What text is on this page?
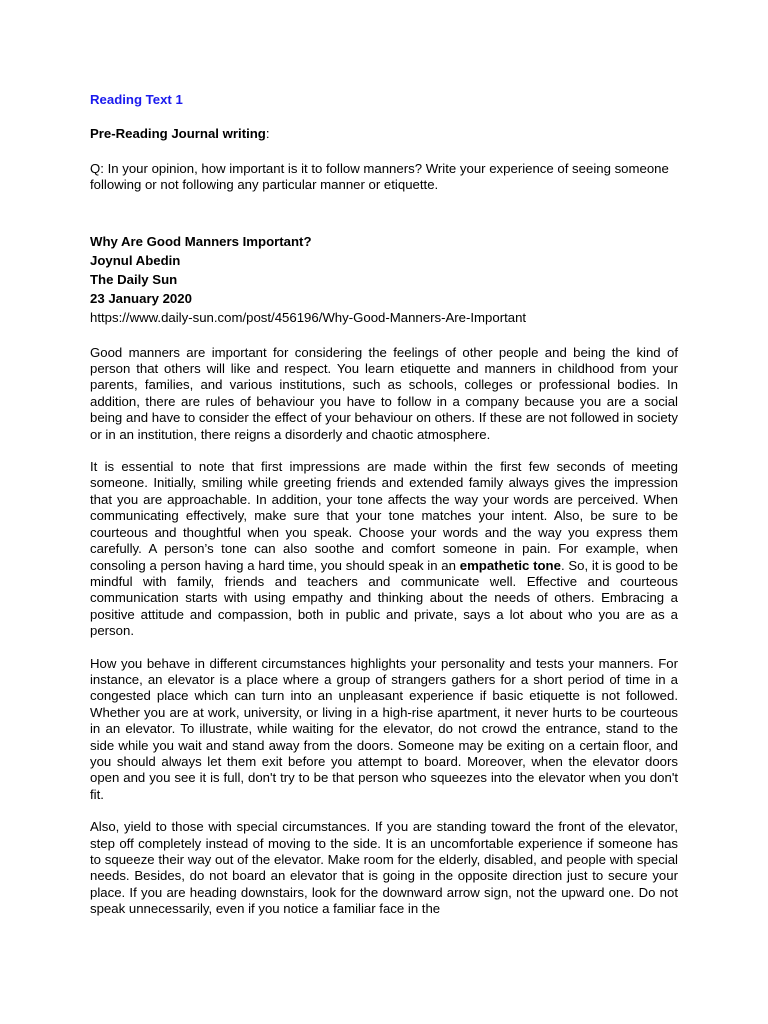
Reading Text 1

Pre-Reading Journal writing:

Q: In your opinion, how important is it to follow manners? Write your experience of seeing someone following or not following any particular manner or etiquette.

Why Are Good Manners Important?
Joynul Abedin
The Daily Sun
23 January 2020
https://www.daily-sun.com/post/456196/Why-Good-Manners-Are-Important

Good manners are important for considering the feelings of other people and being the kind of person that others will like and respect. You learn etiquette and manners in childhood from your parents, families, and various institutions, such as schools, colleges or professional bodies. In addition, there are rules of behaviour you have to follow in a company because you are a social being and have to consider the effect of your behaviour on others. If these are not followed in society or in an institution, there reigns a disorderly and chaotic atmosphere.

It is essential to note that first impressions are made within the first few seconds of meeting someone. Initially, smiling while greeting friends and extended family always gives the impression that you are approachable. In addition, your tone affects the way your words are perceived. When communicating effectively, make sure that your tone matches your intent. Also, be sure to be courteous and thoughtful when you speak. Choose your words and the way you express them carefully. A person’s tone can also soothe and comfort someone in pain. For example, when consoling a person having a hard time, you should speak in an empathetic tone. So, it is good to be mindful with family, friends and teachers and communicate well. Effective and courteous communication starts with using empathy and thinking about the needs of others. Embracing a positive attitude and compassion, both in public and private, says a lot about who you are as a person.

How you behave in different circumstances highlights your personality and tests your manners. For instance, an elevator is a place where a group of strangers gathers for a short period of time in a congested place which can turn into an unpleasant experience if basic etiquette is not followed. Whether you are at work, university, or living in a high-rise apartment, it never hurts to be courteous in an elevator. To illustrate, while waiting for the elevator, do not crowd the entrance, stand to the side while you wait and stand away from the doors. Someone may be exiting on a certain floor, and you should always let them exit before you attempt to board. Moreover, when the elevator doors open and you see it is full, don't try to be that person who squeezes into the elevator when you don't fit.

Also, yield to those with special circumstances. If you are standing toward the front of the elevator, step off completely instead of moving to the side. It is an uncomfortable experience if someone has to squeeze their way out of the elevator. Make room for the elderly, disabled, and people with special needs. Besides, do not board an elevator that is going in the opposite direction just to secure your place. If you are heading downstairs, look for the downward arrow sign, not the upward one. Do not speak unnecessarily, even if you notice a familiar face in the
